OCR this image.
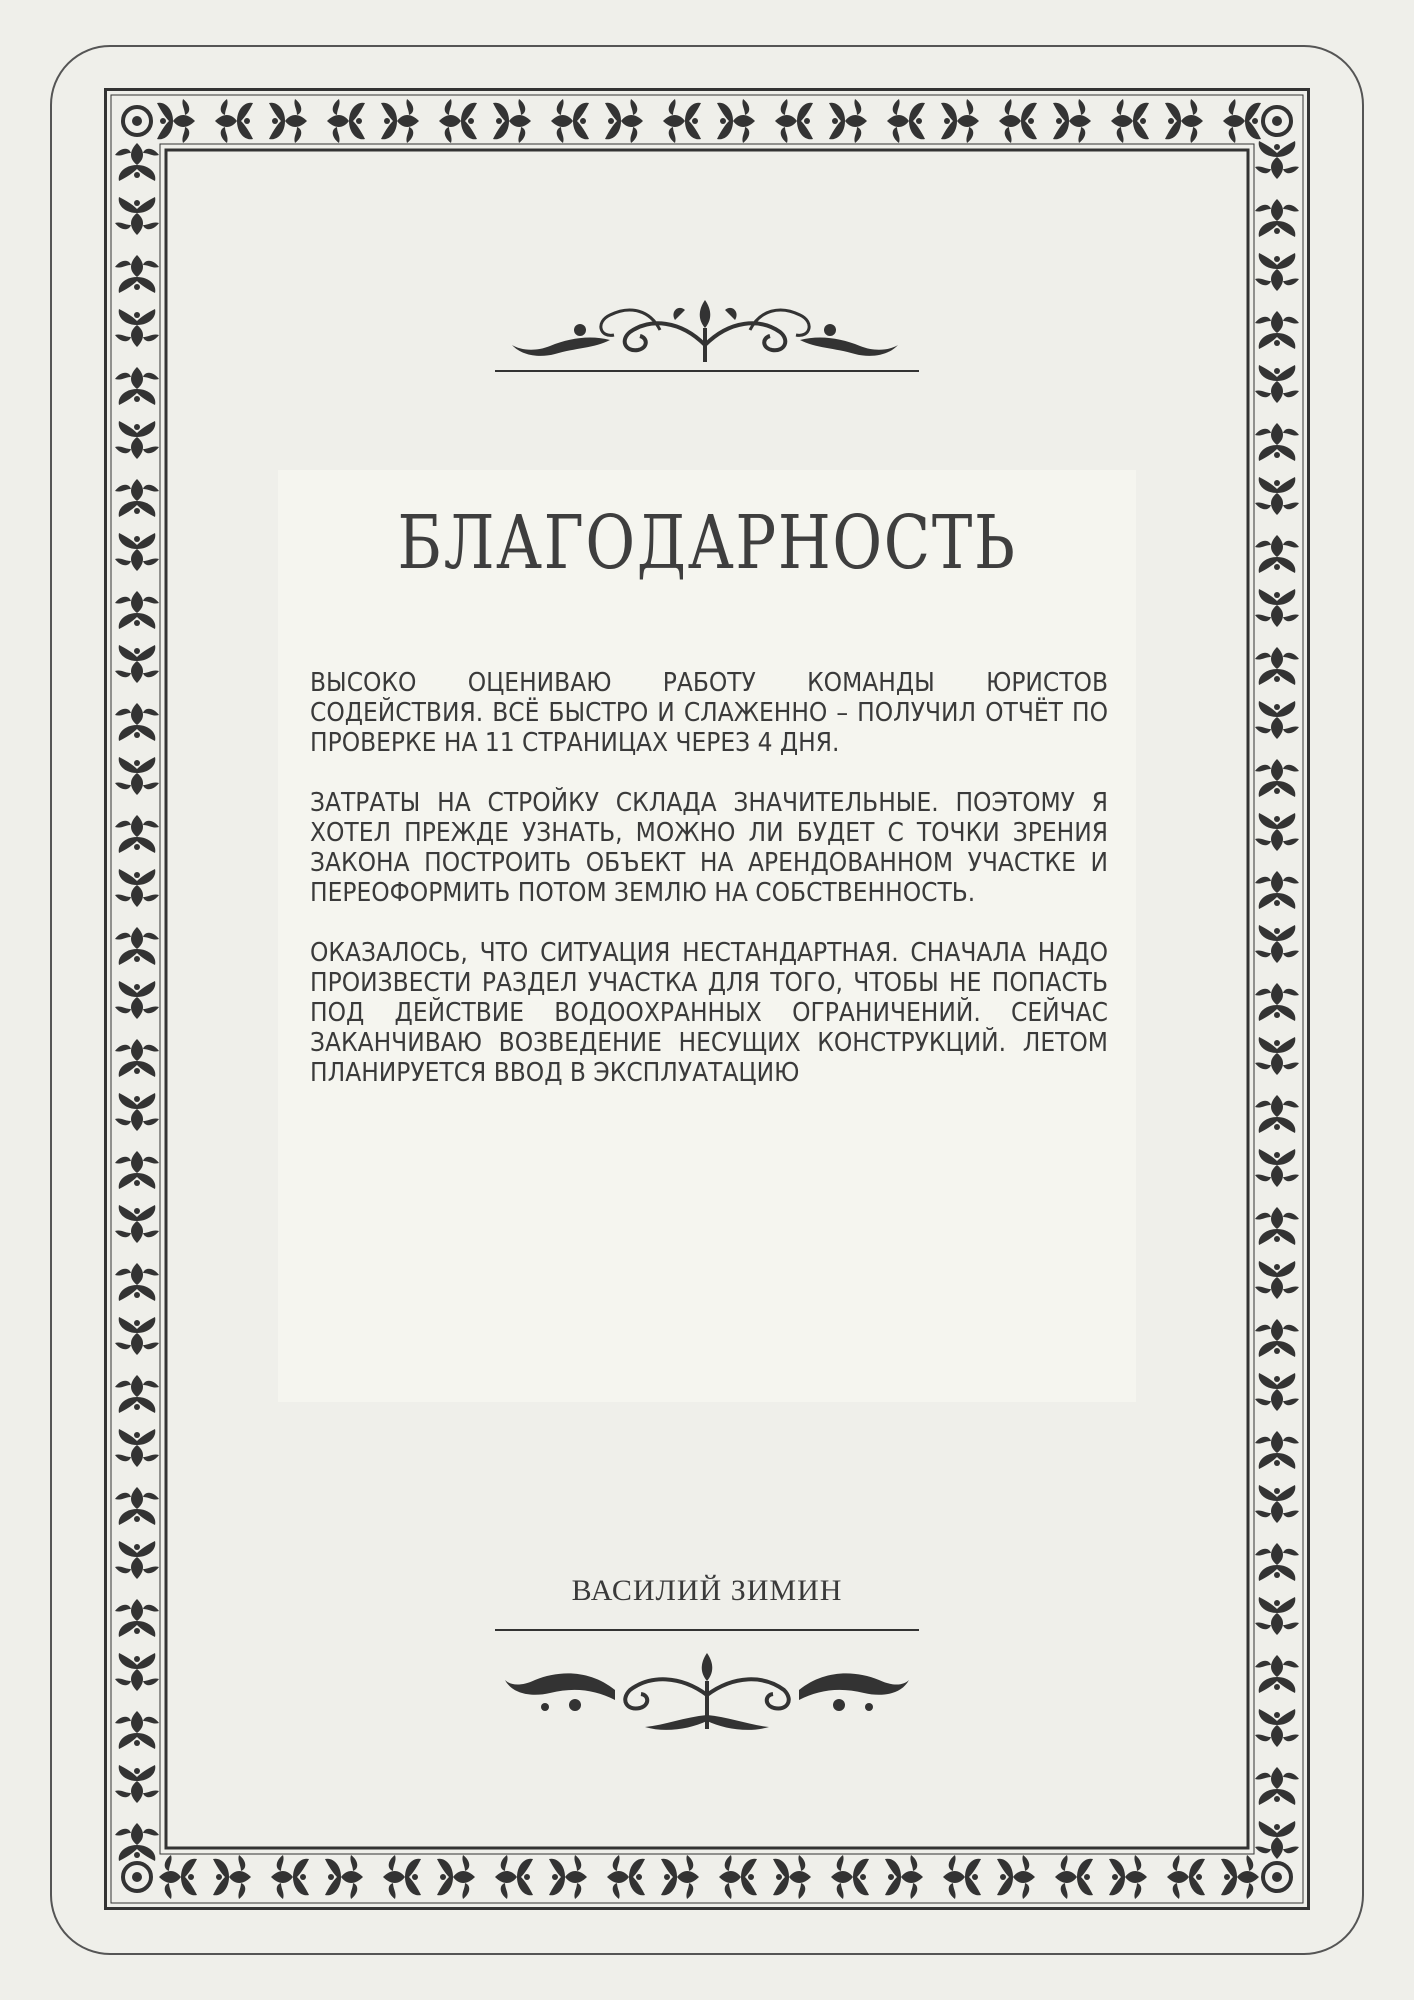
БЛАГОДАРНОСТЬ

ВЫСОКО ОЦЕНИВАЮ РАБОТУ КОМАНДЫ ЮРИСТОВ СОДЕЙСТВИЯ. ВСЁ БЫСТРО И СЛАЖЕННО – ПОЛУЧИЛ ОТЧЁТ ПО ПРОВЕРКЕ НА 11 СТРАНИЦАХ ЧЕРЕЗ 4 ДНЯ.

ЗАТРАТЫ НА СТРОЙКУ СКЛАДА ЗНАЧИТЕЛЬНЫЕ. ПОЭТОМУ Я ХОТЕЛ ПРЕЖДЕ УЗНАТЬ, МОЖНО ЛИ БУДЕТ С ТОЧКИ ЗРЕНИЯ ЗАКОНА ПОСТРОИТЬ ОБЪЕКТ НА АРЕНДОВАННОМ УЧАСТКЕ И ПЕРЕОФОРМИТЬ ПОТОМ ЗЕМЛЮ НА СОБСТВЕННОСТЬ.

ОКАЗАЛОСЬ, ЧТО СИТУАЦИЯ НЕСТАНДАРТНАЯ. СНАЧАЛА НАДО ПРОИЗВЕСТИ РАЗДЕЛ УЧАСТКА ДЛЯ ТОГО, ЧТОБЫ НЕ ПОПАСТЬ ПОД ДЕЙСТВИЕ ВОДООХРАННЫХ ОГРАНИЧЕНИЙ. СЕЙЧАС ЗАКАНЧИВАЮ ВОЗВЕДЕНИЕ НЕСУЩИХ КОНСТРУКЦИЙ. ЛЕТОМ ПЛАНИРУЕТСЯ ВВОД В ЭКСПЛУАТАЦИЮ

ВАСИЛИЙ ЗИМИН
